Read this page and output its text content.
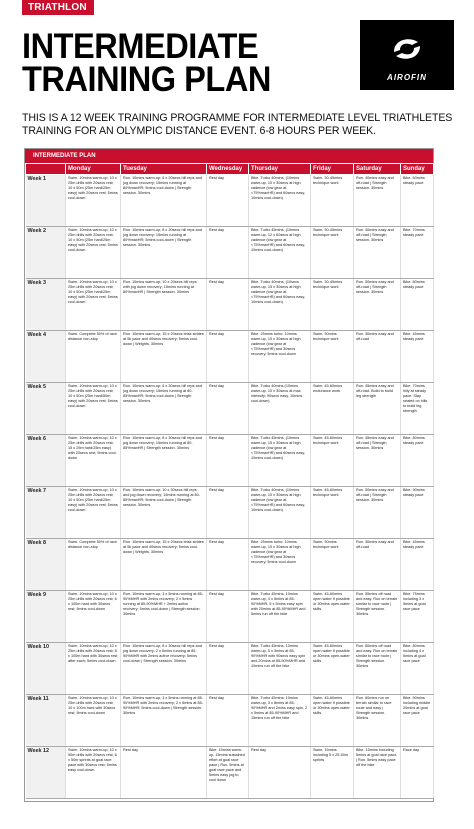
TRIATHLON
INTERMEDIATE
TRAINING PLAN	AIROFIN
THIS IS A 12 WEEK TRAINING PROGRAMME FOR INTERMEDIATE LEVEL TRIATHLETES TRAINING FOR AN OLYMPIC DISTANCE EVENT. 6-8 HOURS PER WEEK.
INTERMEDIATE PLAN
	Monday	Tuesday	Wednesday	Thursday	Friday	Saturday	Sunday
Week 1	Swim. 10mins warm-up; 10 x 25m drills with 20secs rest; 10 x 50m (25m hard/25m easy) with 20secs rest; 5mins cool-down	Run. 10mins warm-up; 6 x 20secs hill reps and jog down recovery; 15mins running at 80%maxHR; 5mins cool-down | Strength session. 30mins	Rest day	Bike. Turbo 40mins, (10mins warm-up, 10 x 30secs at high cadence (low gear at <75%maxHR) and 60secs easy, 10mins cool-down)	Swim. 30-45mins technique work	Run. 40mins easy and off-road | Strength session. 30mins	Bike. 60mins steady pace
Week 2	Swim. 10mins warm-up; 10 x 25m drills with 20secs rest; 10 x 50m (25m hard/25m easy) with 20secs rest; 5mins cool-down	Run. 10mins warm-up; 8 x 20secs hill reps and jog down recovery; 15mins running at 80%maxHR; 5mins cool-down | Strength session. 30mins	Rest day	Bike. Turbo 45mins, (10mins warm-up, 12 x 60secs at high cadence (low gear at <75%maxHR) and 60secs easy, 10mins cool-down)	Swim. 30-45mins technique work	Run. 40mins easy and off-road | Strength session. 30mins	Bike. 70mins steady pace
Week 3	Swim. 10mins warm-up; 10 x 25m drills with 20secs rest; 10 x 50m (25m hard/25m easy) with 20secs rest; 5mins cool-down	Run. 10mins warm-up; 10 x 20secs hill reps with jog down recovery; 15mins running at 80%maxHR | Strength session. 30mins	Rest day	Bike. Turbo 40mins, (10secs warm-up, 15 x 30secs at high cadence (low gear at <75%maxHR) and 60secs easy, 10mins cool-down)	Swim. 30-45mins technique work	Run. 50mins easy and off-road | Strength session. 30mins	Bike. 80mins steady pace
Week 4	Swim. Complete 50% of race distance non-stop	Run. 10mins warm-up; 15 x 20secs brisk strides at 5k pace and 40secs recovery; 5mins cool-down | Weights. 30mins	Rest day	Bike. 25mins turbo. 10mins warm-up, 10 x 30secs at high cadence (low gear at <75%maxHR) and 30secs recovery, 5mins cool-down	Swim. 30mins technique work	Run. 30mins easy and off-road	Bike. 45mins steady pace
Week 5	Swim. 10mins warm-up; 10 x 25m drills with 20secs rest; 10 x 50m (25m hard/50m easy) with 20secs rest; 5mins cool-down	Run. 10mins warm-up; 6 x 30secs hill reps and jog down recovery; 15mins running at 80-85%maxHR; 5mins cool-down | Strength session. 30mins	Rest day	Bike. Turbo 40mins (10mins warm-up, 10 x 30secs at max intensity; 90secs easy, 10mins cool-down)	Swim. 45-60mins endurance work	Run. 45mins easy and off-road. Build to build leg strength	Bike. 70mins hilly at steady pace. Stay seated on hills to build leg strength
Week 6	Swim. 10mins warm-up; 10 x 25m drills with 20secs rest; 15 x 25m hard/25m easy) with 20secs rest; 5mins cool-down	Run. 10mins warm-up; 8 x 30secs hill reps and jog down recovery; 15mins running at 80-85%maxHR | Strength session. 30mins	Rest day	Bike. Turbo 45mins, (10mins warm-up, 15 x 30secs at high cadence (low gear at <75%maxHR) and 60secs easy, 10mins cool-down)	Swim. 45-60mins technique work	Run. 45mins easy and off-road | Strength session. 30mins	Bike. 80mins steady pace
Week 7	Swim. 10mins warm-up; 10 x 25m drills with 20secs rest; 10 x 50m (25m hard/25m easy) with 20secs rest; 5mins cool-down	Run. 10mins warm-up; 10 x 30secs hill reps and jog down recovery; 15mins running at 80-85%maxHR; 5mins cool-down | Strength session. 30mins	Rest day	Bike. Turbo 40mins, (10mins warm-up, 10 x 30secs at high cadence (low gear at <75%maxHR) and 60secs easy, 10mins cool-down)	Swim. 45-60mins technique work	Run. 50mins easy and off-road | Strength session. 30mins	Bike. 90mins steady pace
Week 8	Swim. Complete 50% of race distance non-stop	Run. 10mins warm-up; 15 x 20secs brisk strides at 5k pace and 40secs recovery; 5mins cool-down | Weights. 30mins	Rest day	Bike. 25mins turbo. 10mins warm-up, 10 x 30secs at high cadence (low gear at <75%maxHR) and 30secs recovery, 5mins cool-down	Swim. 30mins technique work	Run. 30mins easy and off-road	Bike. 45mins steady pace
Week 9	Swim. 10mins warm-up; 10 x 25m drills with 20secs rest; 6 x 100m hard with 30secs rest; 5mins cool-down	Run. 10mins warm-up; 3 x 5mins running at 85-90%MHR with 2mins recovery; 2 x 5mins running at 85-90%MHR + 2mins active recovery; 5mins cool-down | Strength session. 30mins	Rest day	Bike. Turbo 45mins, 10mins warm-up, 4 x 5mins at 85-90%MHR, 5 x 5mins easy spin with 20mins at 85-90%MHR and 5mins run off the bike	Swim. 45-60mins open water if possible or 30mins open-water skills	Run. 55mins off road and easy. Run on terrain similar to race route | Strength session. 30mins	Bike. 75mins including 3 x 5mins at goal race pace
Week 10	Swim. 10mins warm-up; 10 x 25m drills with 20secs rest; 8 x 100m hard with 30secs rest after each; 5mins cool-down	Run. 10mins warm-up; 8 x 30secs hill reps and jog down recovery; 2 x 6mins running at 85-90%MHR with 2mins active recovery; 5mins cool-down | Strength session. 30mins	Rest day	Bike. Turbo 45mins, 10mins warm-up, 5 x 3mins at 85-90%MHR with 90secs easy spin and 20mins at 85-90%MHR and 10mins run off the bike	Swim. 45-60mins open water if possible or 30mins open-water skills	Run. 60mins off road and easy. Run on terrain similar to race route | Strength session. 30mins	Bike. 80mins including 4 x 5mins at goal race pace
Week 11	Swim. 10mins warm-up; 10 x 25m drills with 20secs rest; 10 x 100m hard with 30secs rest; 5mins cool-down	Run. 10mins warm-up; 3 x 5mins running at 85-90%MHR with 2mins recovery; 2 x 6mins at 85-90%MHR; 5mins cool-down | Strength session. 30mins	Rest day	Bike. Turbo 45mins; 10mins warm-up, 3 x 8mins at 85-90%MHR and 2mins easy spin, 2 x 5mins at 85-90%MHR and 15mins run off the bike	Swim. 45-60mins open water if possible or 30mins open-water skills	Run. 60mins run on terrain similar to race route and easy | Strength session. 30mins	Bike. 90mins including middle 20mins at goal race pace
Week 12	Swim. 10mins warm-up; 10 x 50m drills with 20secs rest; 6 x 50m sprints at goal race pace with 30secs rest; 5mins easy cool-down	Rest day	Bike. 15mins warm-up, 15mins sustained effort at goal race pace | Run. 5mins at goal race pace and 5mins easy jog to cool down	Rest day	Swim. 15mins including 5 x 25-50m sprints	Bike. 15mins including 5mins at goal race pace. | Run. 5mins easy pace off the bike	Race day
